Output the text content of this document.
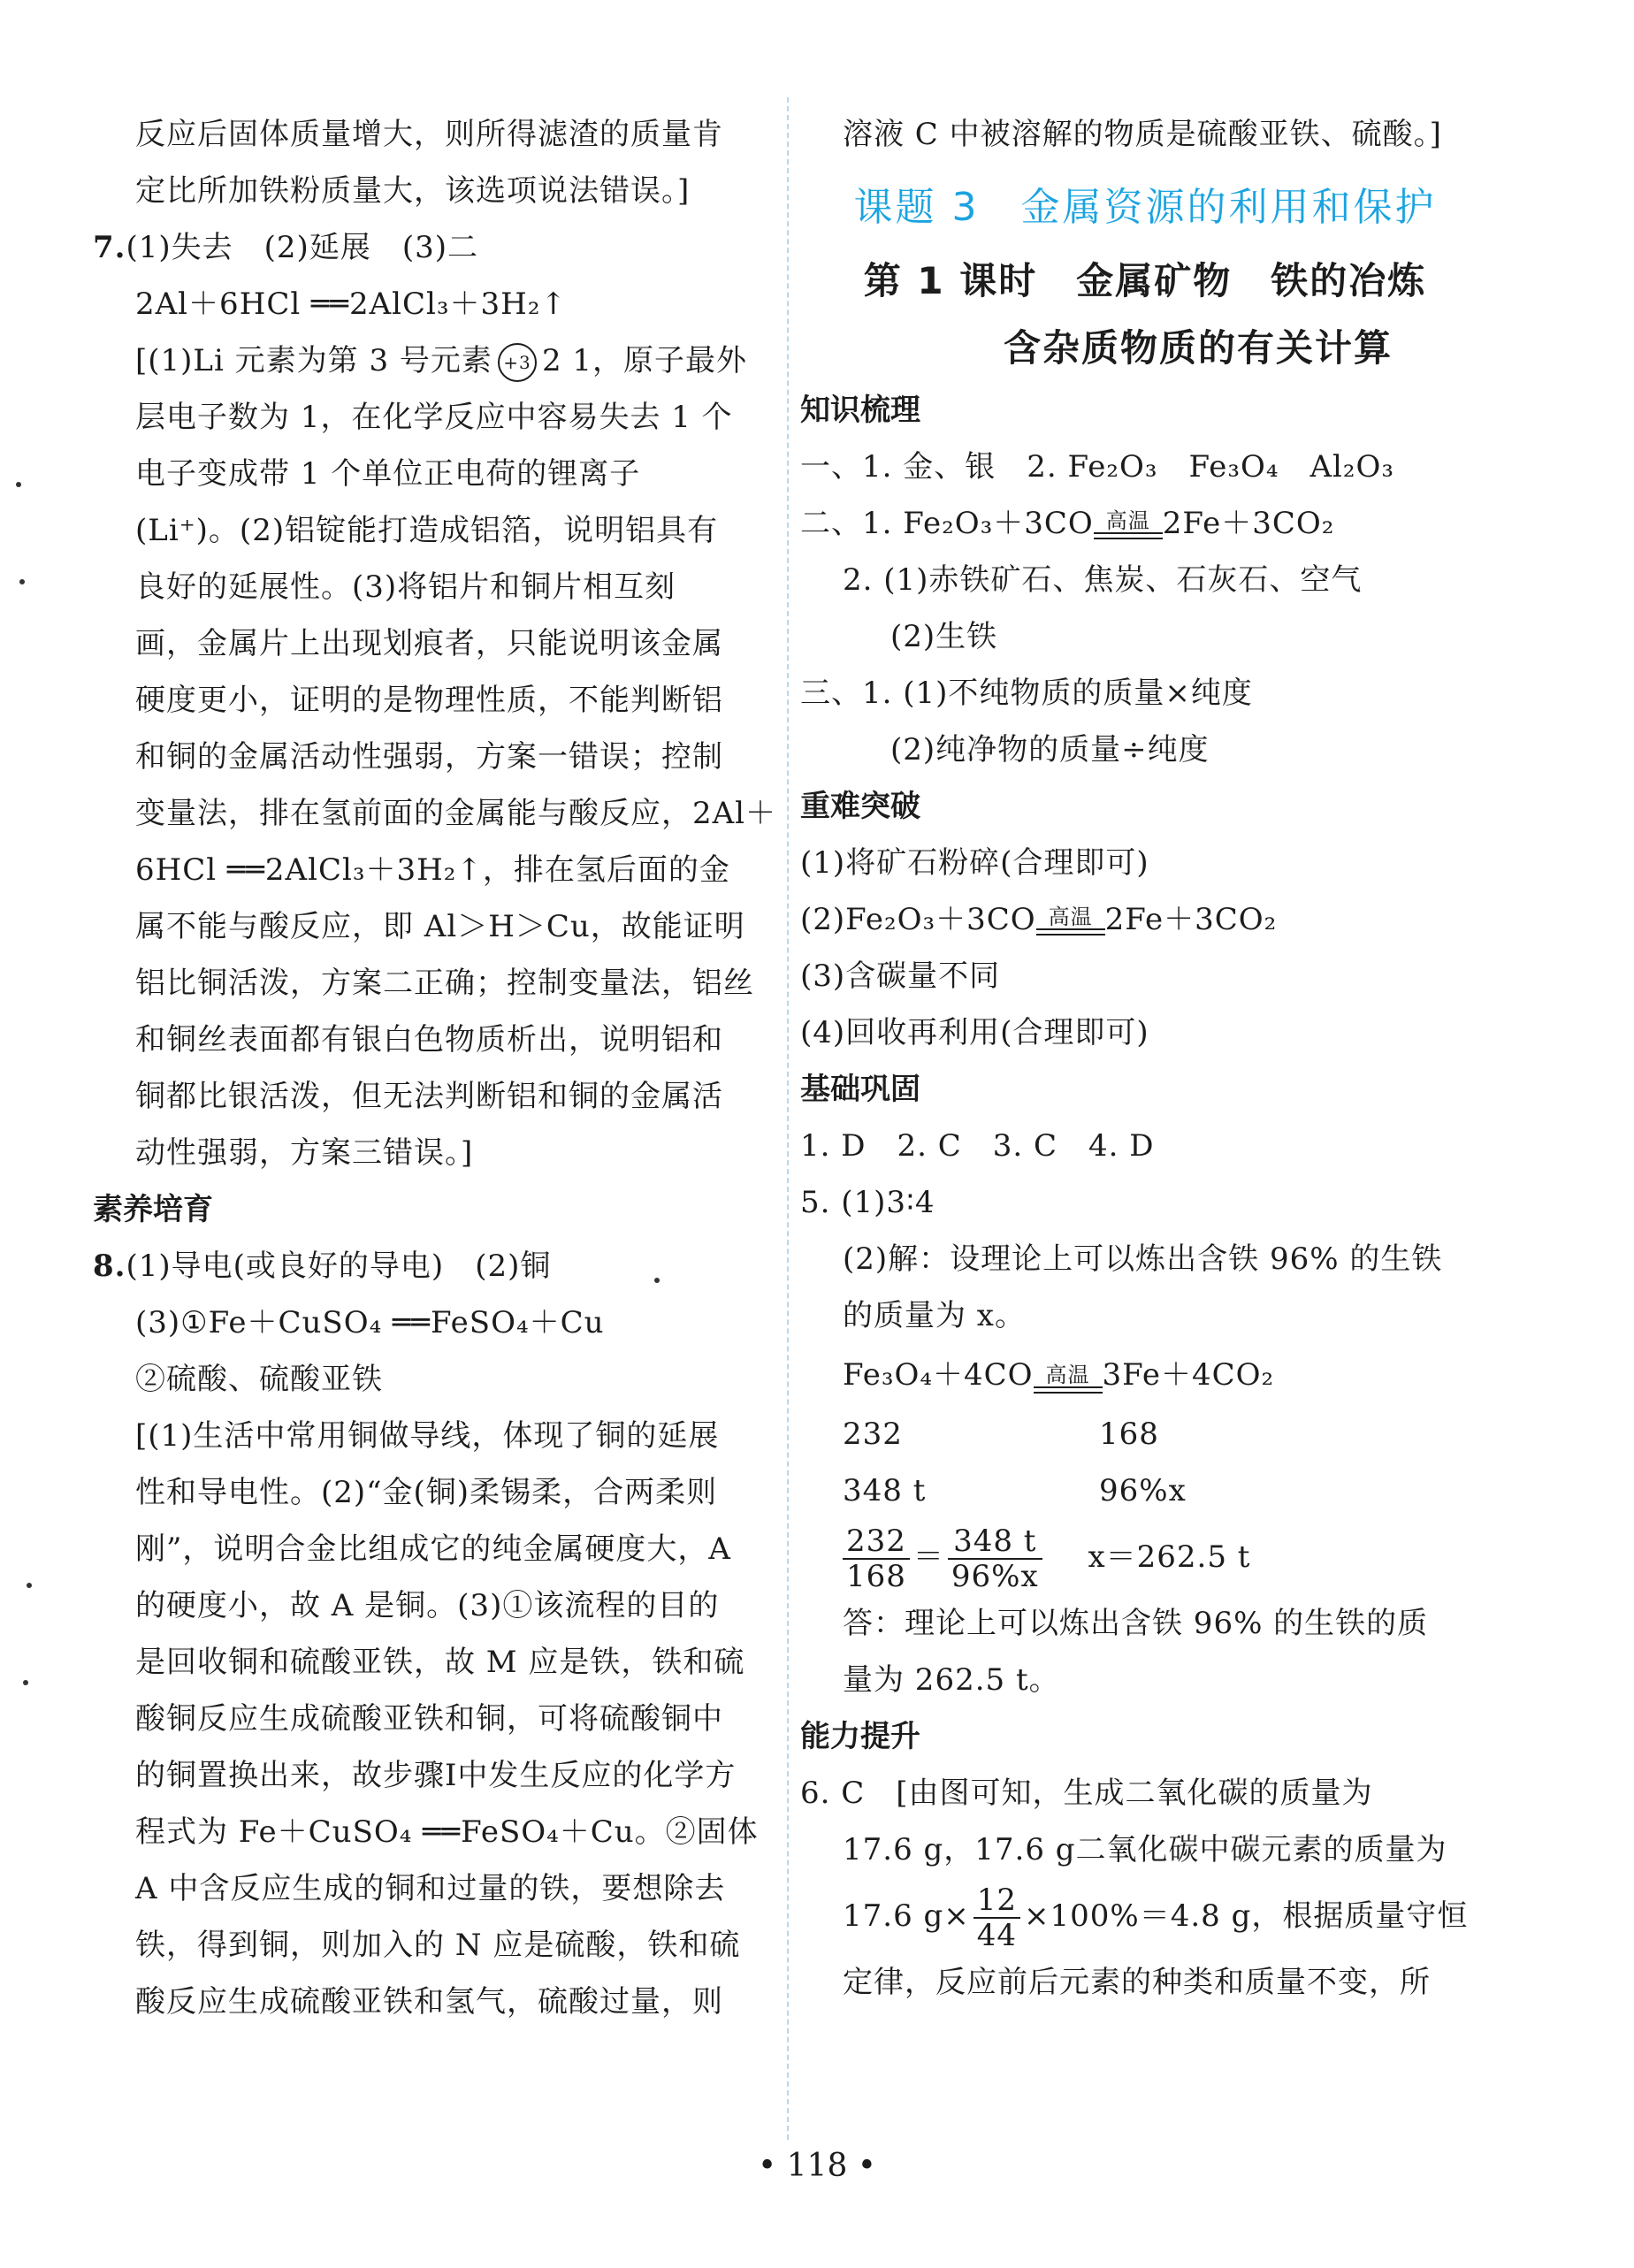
反应后固体质量增大，则所得滤渣的质量肯
定比所加铁粉质量大，该选项说法错误。]
7.(1)失去　(2)延展　(3)二
2Al＋6HCl ══2AlCl₃＋3H₂↑
[(1)Li 元素为第 3 号元素 +3 2 1，原子最外
层电子数为 1，在化学反应中容易失去 1 个
电子变成带 1 个单位正电荷的锂离子
(Li⁺)。(2)铝锭能打造成铝箔，说明铝具有
良好的延展性。(3)将铝片和铜片相互刻
画，金属片上出现划痕者，只能说明该金属
硬度更小，证明的是物理性质，不能判断铝
和铜的金属活动性强弱，方案一错误；控制
变量法，排在氢前面的金属能与酸反应，2Al＋
6HCl ══2AlCl₃＋3H₂↑，排在氢后面的金
属不能与酸反应，即 Al＞H＞Cu，故能证明
铝比铜活泼，方案二正确；控制变量法，铝丝
和铜丝表面都有银白色物质析出，说明铝和
铜都比银活泼，但无法判断铝和铜的金属活
动性强弱，方案三错误。]
素养培育
8.(1)导电(或良好的导电)　(2)铜
(3)①Fe＋CuSO₄ ══FeSO₄＋Cu
②硫酸、硫酸亚铁
[(1)生活中常用铜做导线，体现了铜的延展
性和导电性。(2)“金(铜)柔锡柔，合两柔则
刚”，说明合金比组成它的纯金属硬度大，A
的硬度小，故 A 是铜。(3)①该流程的目的
是回收铜和硫酸亚铁，故 M 应是铁，铁和硫
酸铜反应生成硫酸亚铁和铜，可将硫酸铜中
的铜置换出来，故步骤Ⅰ中发生反应的化学方
程式为 Fe＋CuSO₄ ══FeSO₄＋Cu。②固体
A 中含反应生成的铜和过量的铁，要想除去
铁，得到铜，则加入的 N 应是硫酸，铁和硫
酸反应生成硫酸亚铁和氢气，硫酸过量，则
溶液 C 中被溶解的物质是硫酸亚铁、硫酸。]
课题 3　金属资源的利用和保护
第 1 课时　金属矿物　铁的冶炼
含杂质物质的有关计算
知识梳理
一、1. 金、银　2. Fe₂O₃　Fe₃O₄　Al₂O₃
二、1. Fe₂O₃＋3CO 高温 2Fe＋3CO₂
2. (1)赤铁矿石、焦炭、石灰石、空气
(2)生铁
三、1. (1)不纯物质的质量×纯度
(2)纯净物的质量÷纯度
重难突破
(1)将矿石粉碎(合理即可)
(2)Fe₂O₃＋3CO 高温 2Fe＋3CO₂
(3)含碳量不同
(4)回收再利用(合理即可)
基础巩固
1. D　2. C　3. C　4. D
5. (1)3∶4
(2)解：设理论上可以炼出含铁 96% 的生铁
的质量为 x。
Fe₃O₄＋4CO 高温 3Fe＋4CO₂
232	168
348 t	96%x
$\frac{232}{168} = \frac{348 t}{96\%x} x=262.5$ t
答：理论上可以炼出含铁 96% 的生铁的质
量为 262.5 t。
能力提升
6. C　[由图可知，生成二氧化碳的质量为
17.6 g，17.6 g二氧化碳中碳元素的质量为
17.6 $g\times \frac{12}{44} \times 100\%=4.8$ g，根据质量守恒
定律，反应前后元素的种类和质量不变，所
• 118 •
